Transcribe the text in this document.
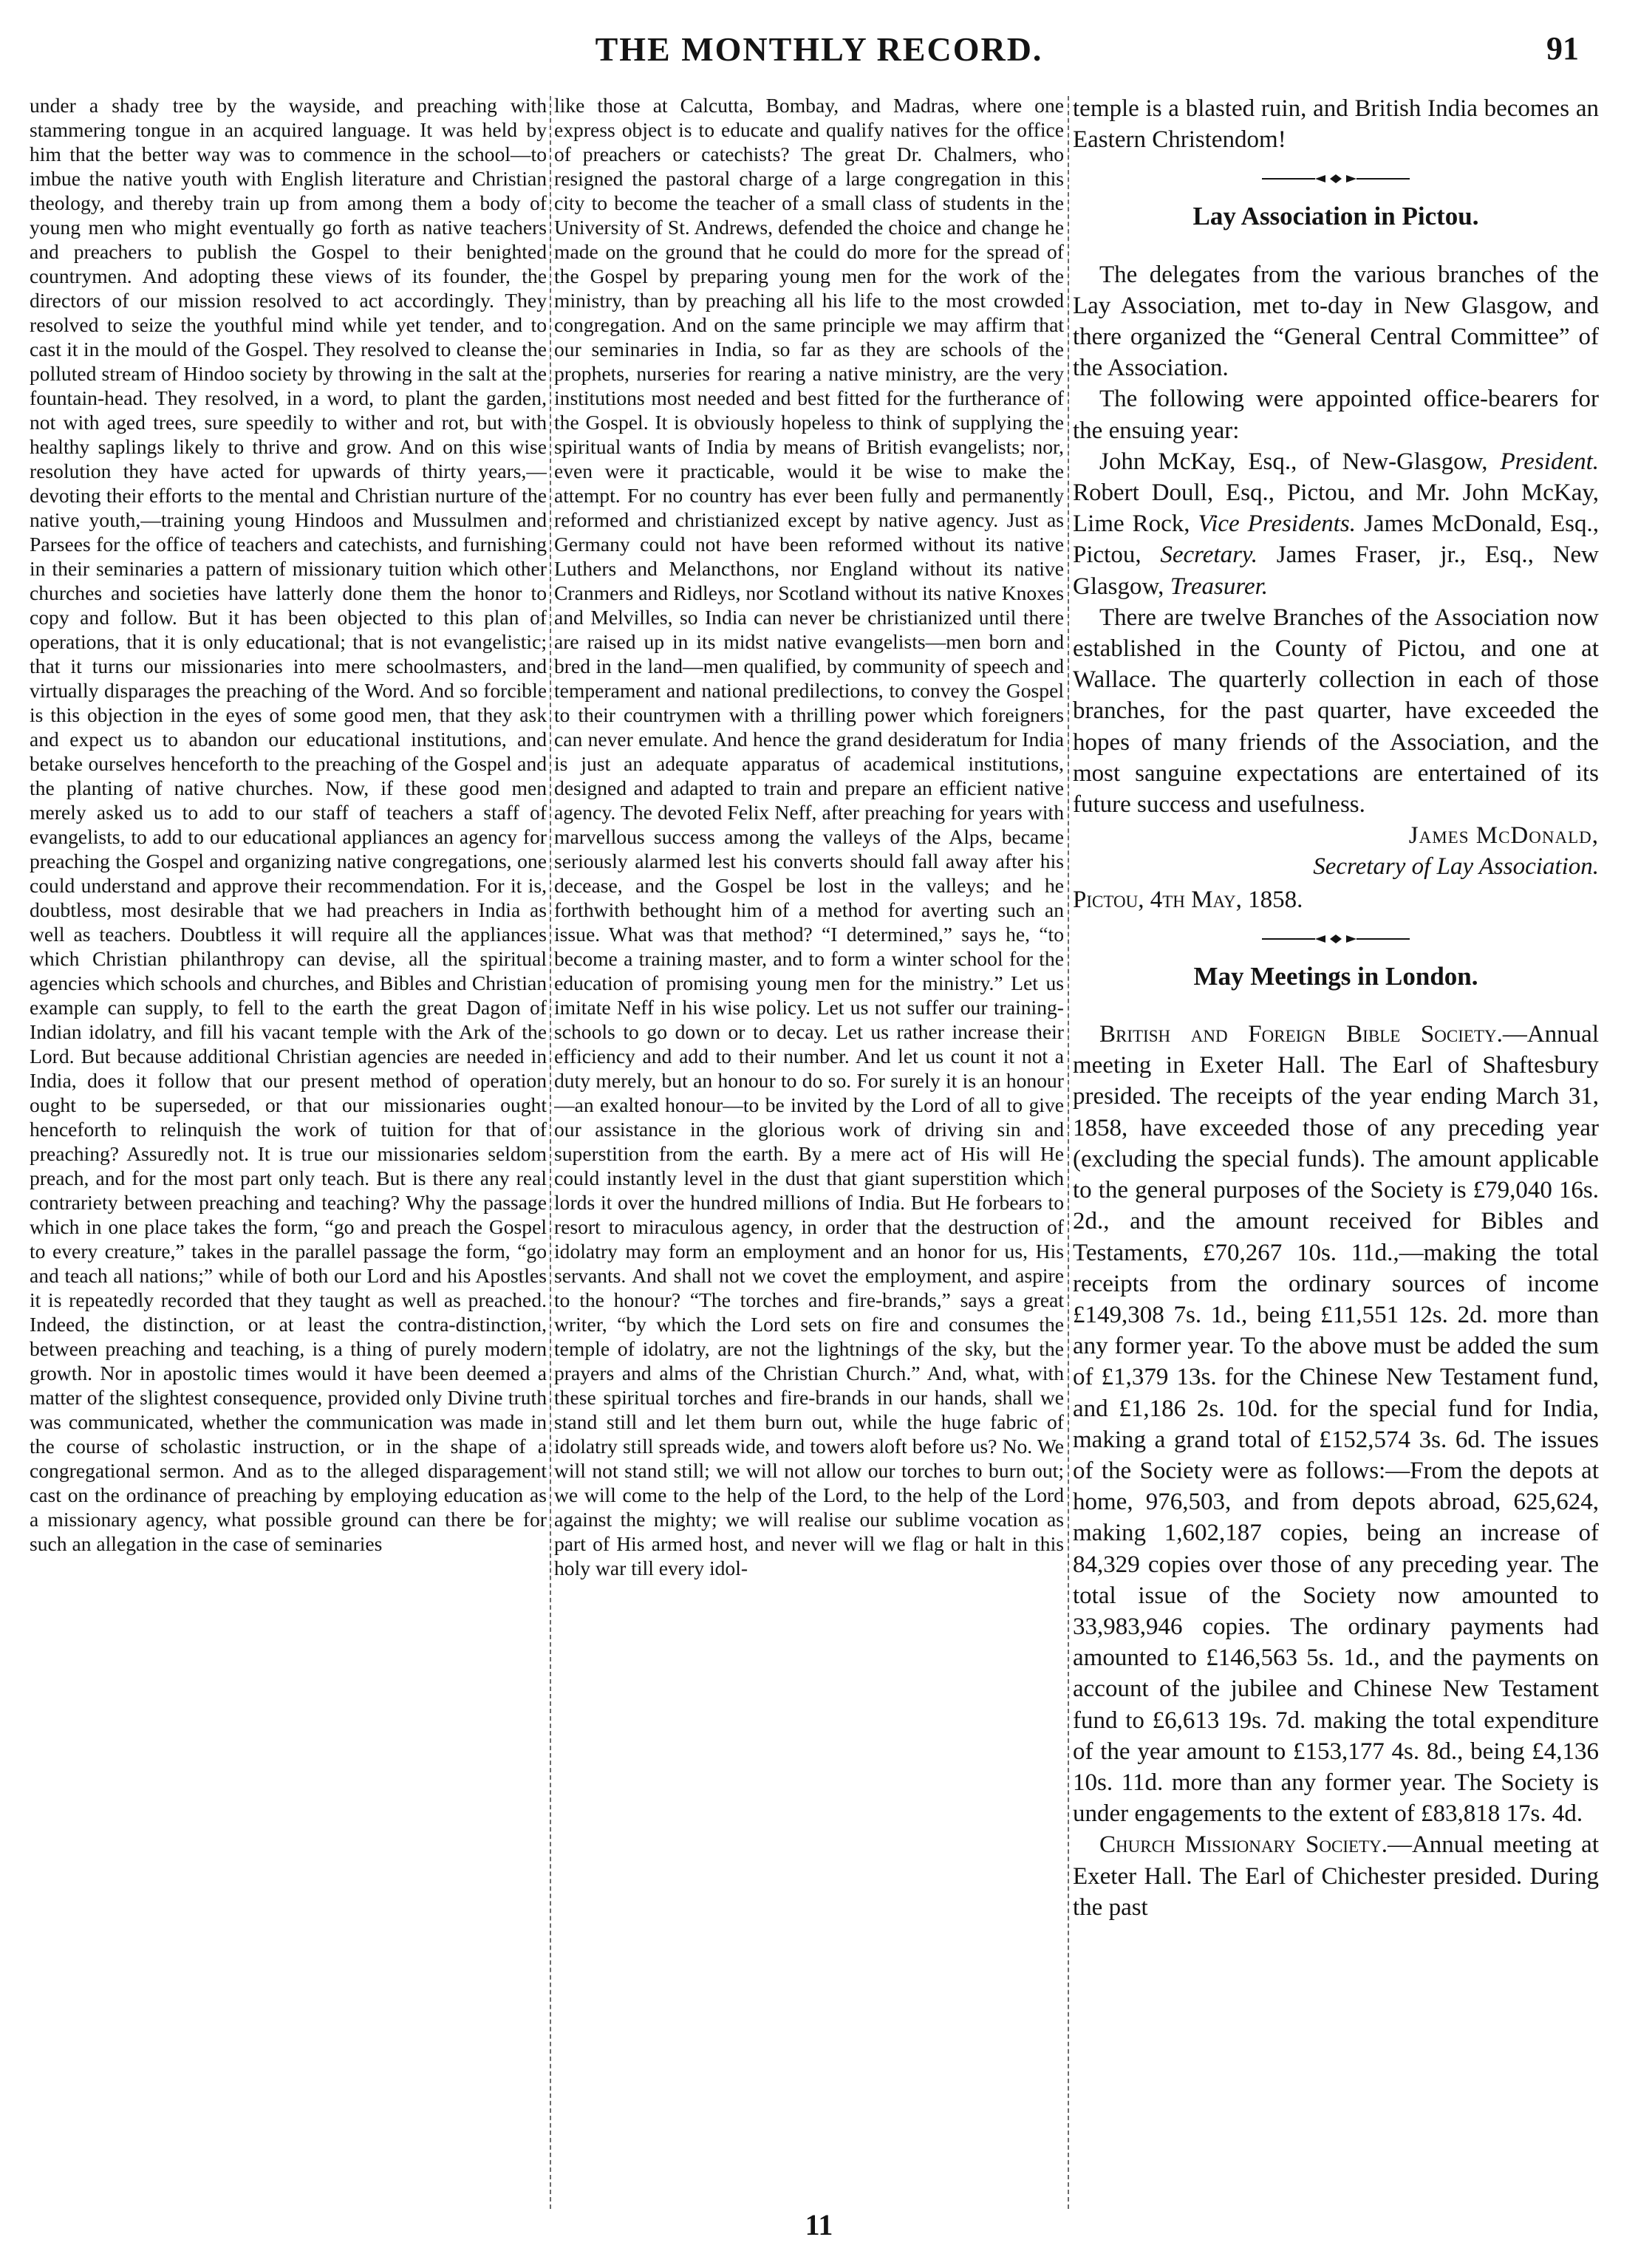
THE MONTHLY RECORD.	91

under a shady tree by the wayside, and preaching with stammering tongue in an acquired language. It was held by him that the better way was to commence in the school—to imbue the native youth with English literature and Christian theology, and thereby train up from among them a body of young men who might eventually go forth as native teachers and preachers to publish the Gospel to their benighted countrymen. And adopting these views of its founder, the directors of our mission resolved to act accordingly. They resolved to seize the youthful mind while yet tender, and to cast it in the mould of the Gospel. They resolved to cleanse the polluted stream of Hindoo society by throwing in the salt at the fountain-head. They resolved, in a word, to plant the garden, not with aged trees, sure speedily to wither and rot, but with healthy saplings likely to thrive and grow. And on this wise resolution they have acted for upwards of thirty years,—devoting their efforts to the mental and Christian nurture of the native youth,—training young Hindoos and Mussulmen and Parsees for the office of teachers and catechists, and furnishing in their seminaries a pattern of missionary tuition which other churches and societies have latterly done them the honor to copy and follow. But it has been objected to this plan of operations, that it is only educational; that is not evangelistic; that it turns our missionaries into mere schoolmasters, and virtually disparages the preaching of the Word. And so forcible is this objection in the eyes of some good men, that they ask and expect us to abandon our educational institutions, and betake ourselves henceforth to the preaching of the Gospel and the planting of native churches. Now, if these good men merely asked us to add to our staff of teachers a staff of evangelists, to add to our educational appliances an agency for preaching the Gospel and organizing native congregations, one could understand and approve their recommendation. For it is, doubtless, most desirable that we had preachers in India as well as teachers. Doubtless it will require all the appliances which Christian philanthropy can devise, all the spiritual agencies which schools and churches, and Bibles and Christian example can supply, to fell to the earth the great Dagon of Indian idolatry, and fill his vacant temple with the Ark of the Lord. But because additional Christian agencies are needed in India, does it follow that our present method of operation ought to be superseded, or that our missionaries ought henceforth to relinquish the work of tuition for that of preaching? Assuredly not. It is true our missionaries seldom preach, and for the most part only teach. But is there any real contrariety between preaching and teaching? Why the passage which in one place takes the form, “go and preach the Gospel to every creature,” takes in the parallel passage the form, “go and teach all nations;” while of both our Lord and his Apostles it is repeatedly recorded that they taught as well as preached. Indeed, the distinction, or at least the contra-distinction, between preaching and teaching, is a thing of purely modern growth. Nor in apostolic times would it have been deemed a matter of the slightest consequence, provided only Divine truth was communicated, whether the communication was made in the course of scholastic instruction, or in the shape of a congregational sermon. And as to the alleged disparagement cast on the ordinance of preaching by employing education as a missionary agency, what possible ground can there be for such an allegation in the case of seminaries

like those at Calcutta, Bombay, and Madras, where one express object is to educate and qualify natives for the office of preachers or catechists? The great Dr. Chalmers, who resigned the pastoral charge of a large congregation in this city to become the teacher of a small class of students in the University of St. Andrews, defended the choice and change he made on the ground that he could do more for the spread of the Gospel by preparing young men for the work of the ministry, than by preaching all his life to the most crowded congregation. And on the same principle we may affirm that our seminaries in India, so far as they are schools of the prophets, nurseries for rearing a native ministry, are the very institutions most needed and best fitted for the furtherance of the Gospel. It is obviously hopeless to think of supplying the spiritual wants of India by means of British evangelists; nor, even were it practicable, would it be wise to make the attempt. For no country has ever been fully and permanently reformed and christianized except by native agency. Just as Germany could not have been reformed without its native Luthers and Melancthons, nor England without its native Cranmers and Ridleys, nor Scotland without its native Knoxes and Melvilles, so India can never be christianized until there are raised up in its midst native evangelists—men born and bred in the land—men qualified, by community of speech and temperament and national predilections, to convey the Gospel to their countrymen with a thrilling power which foreigners can never emulate. And hence the grand desideratum for India is just an adequate apparatus of academical institutions, designed and adapted to train and prepare an efficient native agency. The devoted Felix Neff, after preaching for years with marvellous success among the valleys of the Alps, became seriously alarmed lest his converts should fall away after his decease, and the Gospel be lost in the valleys; and he forthwith bethought him of a method for averting such an issue. What was that method? “I determined,” says he, “to become a training master, and to form a winter school for the education of promising young men for the ministry.” Let us imitate Neff in his wise policy. Let us not suffer our training-schools to go down or to decay. Let us rather increase their efficiency and add to their number. And let us count it not a duty merely, but an honour to do so. For surely it is an honour—an exalted honour—to be invited by the Lord of all to give our assistance in the glorious work of driving sin and superstition from the earth. By a mere act of His will He could instantly level in the dust that giant superstition which lords it over the hundred millions of India. But He forbears to resort to miraculous agency, in order that the destruction of idolatry may form an employment and an honor for us, His servants. And shall not we covet the employment, and aspire to the honour? “The torches and fire-brands,” says a great writer, “by which the Lord sets on fire and consumes the temple of idolatry, are not the lightnings of the sky, but the prayers and alms of the Christian Church.” And, what, with these spiritual torches and fire-brands in our hands, shall we stand still and let them burn out, while the huge fabric of idolatry still spreads wide, and towers aloft before us? No. We will not stand still; we will not allow our torches to burn out; we will come to the help of the Lord, to the help of the Lord against the mighty; we will realise our sublime vocation as part of His armed host, and never will we flag or halt in this holy war till every idol-

temple is a blasted ruin, and British India becomes an Eastern Christendom!

Lay Association in Pictou.

The delegates from the various branches of the Lay Association, met to-day in New Glasgow, and there organized the “General Central Committee” of the Association.

The following were appointed office-bearers for the ensuing year:

John McKay, Esq., of New-Glasgow, President. Robert Doull, Esq., Pictou, and Mr. John McKay, Lime Rock, Vice Presidents. James McDonald, Esq., Pictou, Secretary. James Fraser, jr., Esq., New Glasgow, Treasurer.

There are twelve Branches of the Association now established in the County of Pictou, and one at Wallace. The quarterly collection in each of those branches, for the past quarter, have exceeded the hopes of many friends of the Association, and the most sanguine expectations are entertained of its future success and usefulness.

James McDonald,
Secretary of Lay Association.
Pictou, 4th May, 1858.
May Meetings in London.

British and Foreign Bible Society.—Annual meeting in Exeter Hall. The Earl of Shaftesbury presided. The receipts of the year ending March 31, 1858, have exceeded those of any preceding year (excluding the special funds). The amount applicable to the general purposes of the Society is £79,040 16s. 2d., and the amount received for Bibles and Testaments, £70,267 10s. 11d.,—making the total receipts from the ordinary sources of income £149,308 7s. 1d., being £11,551 12s. 2d. more than any former year. To the above must be added the sum of £1,379 13s. for the Chinese New Testament fund, and £1,186 2s. 10d. for the special fund for India, making a grand total of £152,574 3s. 6d. The issues of the Society were as follows:—From the depots at home, 976,503, and from depots abroad, 625,624, making 1,602,187 copies, being an increase of 84,329 copies over those of any preceding year. The total issue of the Society now amounted to 33,983,946 copies. The ordinary payments had amounted to £146,563 5s. 1d., and the payments on account of the jubilee and Chinese New Testament fund to £6,613 19s. 7d. making the total expenditure of the year amount to £153,177 4s. 8d., being £4,136 10s. 11d. more than any former year. The Society is under engagements to the extent of £83,818 17s. 4d.

Church Missionary Society.—Annual meeting at Exeter Hall. The Earl of Chichester presided. During the past

11
